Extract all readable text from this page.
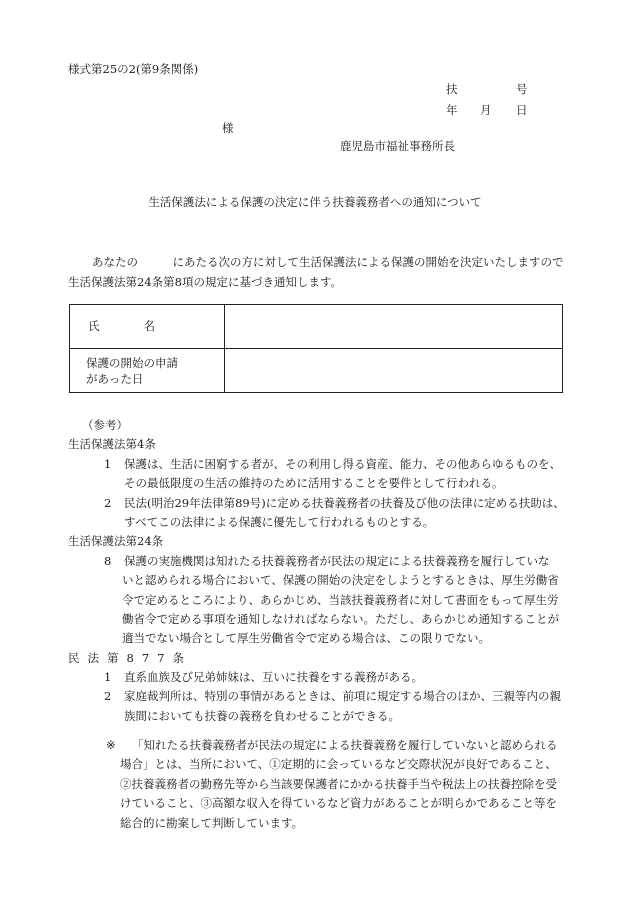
様式第25の2(第9条関係)
扶	号
年	月	日
様
鹿児島市福祉事務所長
生活保護法による保護の決定に伴う扶養義務者への通知について

あなたの　　　にあたる次の方に対して生活保護法による保護の開始を決定いたしますので

生活保護法第24条第8項の規定に基づき通知します。

氏 名	

保護の開始の申請
があった日	

（参考）
生活保護法第4条
1 保護は、生活に困窮する者が、その利用し得る資産、能力、その他あらゆるものを、
その最低限度の生活の維持のために活用することを要件として行われる。
2 民法(明治29年法律第89号)に定める扶養義務者の扶養及び他の法律に定める扶助は、
すべてこの法律による保護に優先して行われるものとする。
生活保護法第24条
8 保護の実施機関は知れたる扶養義務者が民法の規定による扶養義務を履行していな
いと認められる場合において、保護の開始の決定をしようとするときは、厚生労働省
令で定めるところにより、あらかじめ、当該扶養義務者に対して書面をもって厚生労
働省令で定める事項を通知しなければならない。ただし、あらかじめ通知することが
適当でない場合として厚生労働省令で定める場合は、この限りでない。
民法第877条
1 直系血族及び兄弟姉妹は、互いに扶養をする義務がある。
2 家庭裁判所は、特別の事情があるときは、前項に規定する場合のほか、三親等内の親
族間においても扶養の義務を負わせることができる。
※ 「知れたる扶養義務者が民法の規定による扶養義務を履行していないと認められる
場合」とは、当所において、①定期的に会っているなど交際状況が良好であること、
②扶養義務者の勤務先等から当該要保護者にかかる扶養手当や税法上の扶養控除を受
けていること、③高額な収入を得ているなど資力があることが明らかであること等を
総合的に勘案して判断しています。
